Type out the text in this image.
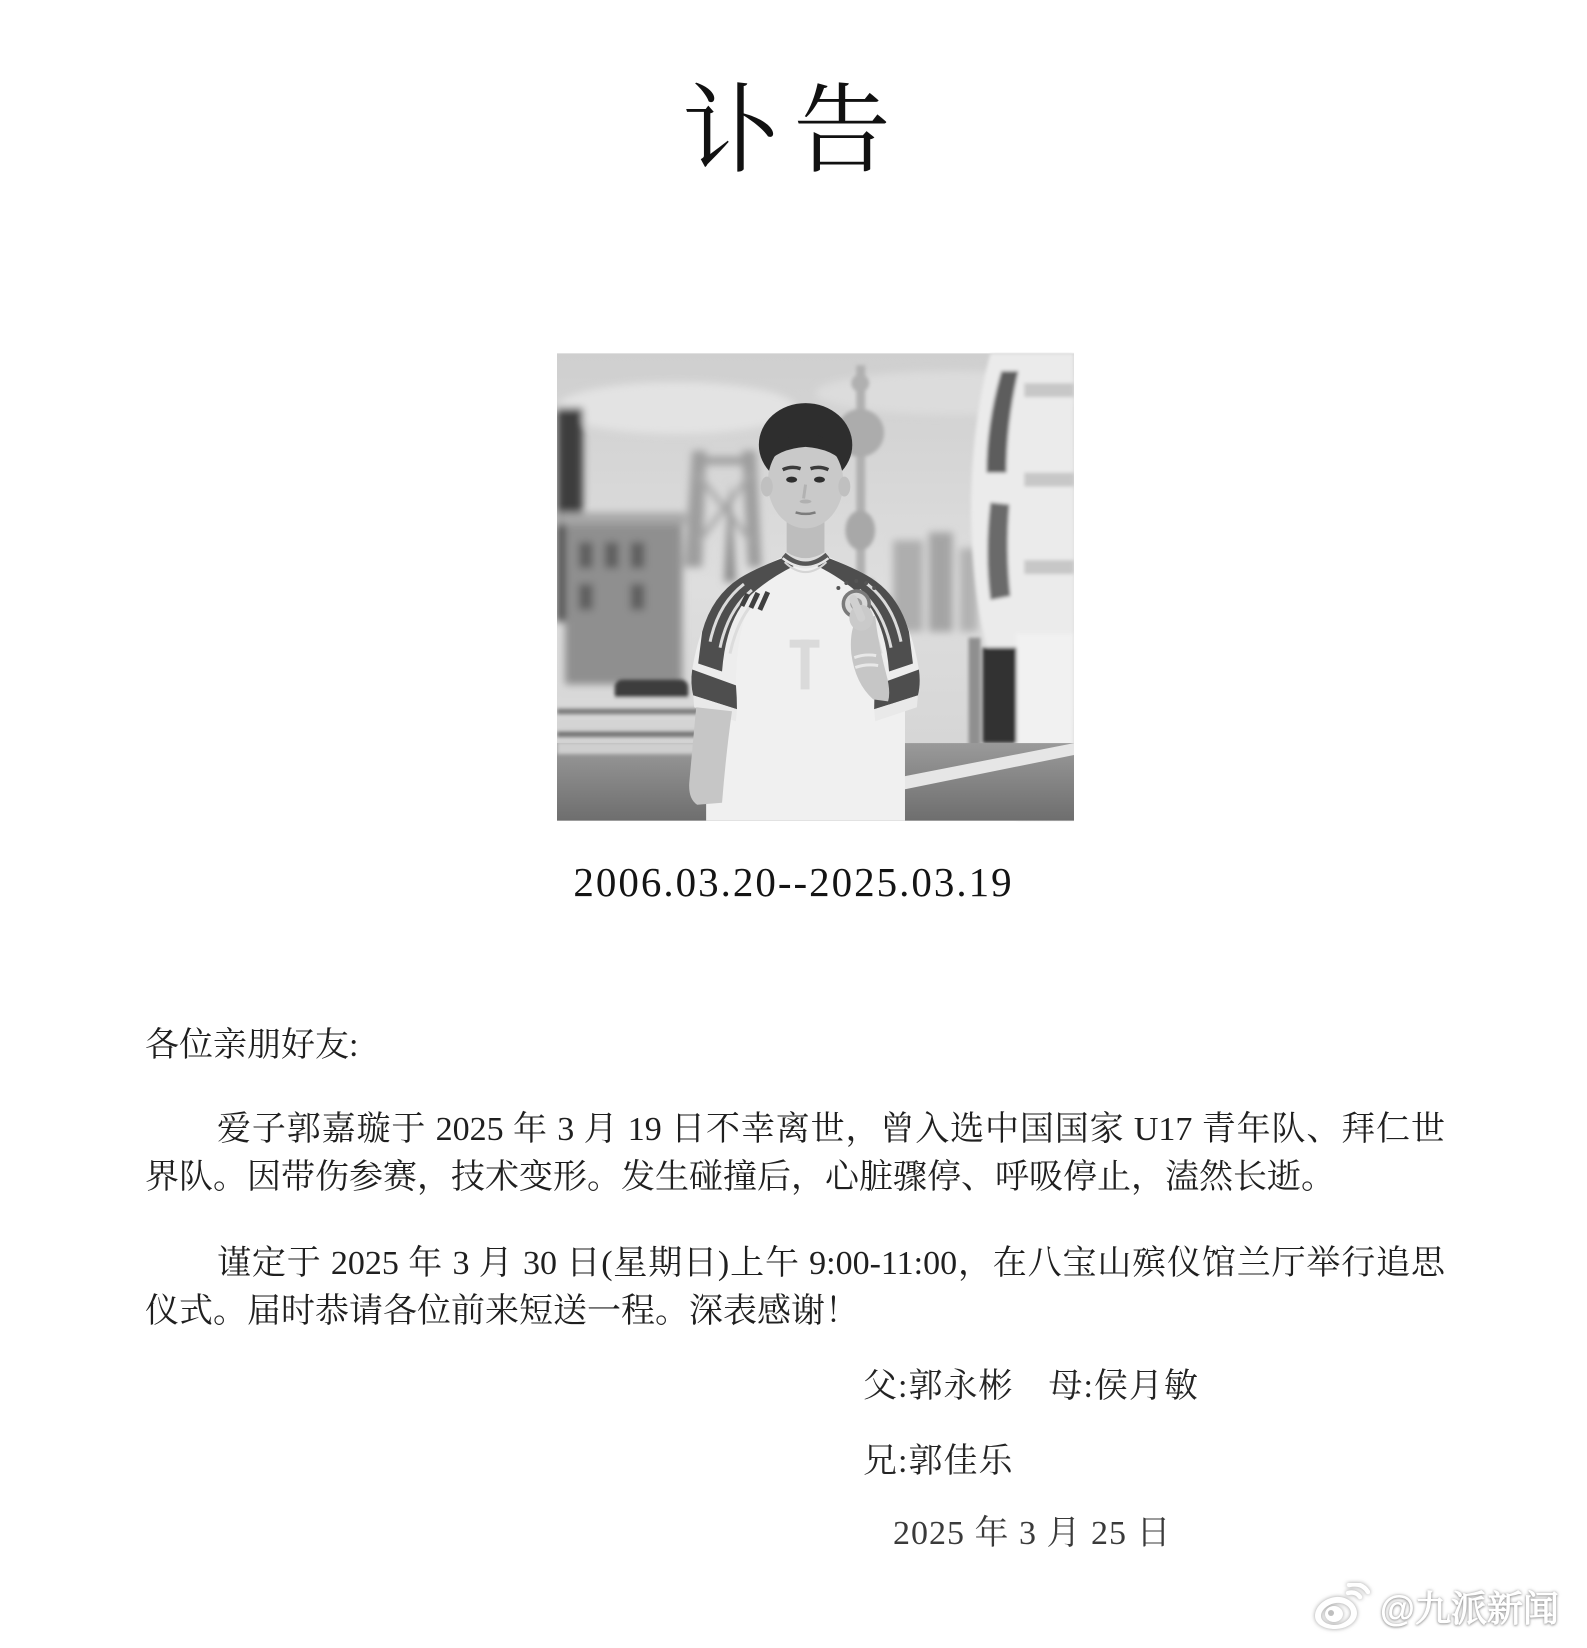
讣告
2006.03.20--2025.03.19

各位亲朋好友:

爱子郭嘉璇于 2025 年 3 月 19 日不幸离世，曾入选中国国家 U17 青年队、拜仁世界队。因带伤参赛，技术变形。发生碰撞后，心脏骤停、呼吸停止，溘然长逝。

谨定于 2025 年 3 月 30 日(星期日)上午 9:00-11:00，在八宝山殡仪馆兰厅举行追思仪式。届时恭请各位前来短送一程。深表感谢！

父:郭永彬 母:侯月敏
兄:郭佳乐
2025 年 3 月 25 日
@九派新闻
